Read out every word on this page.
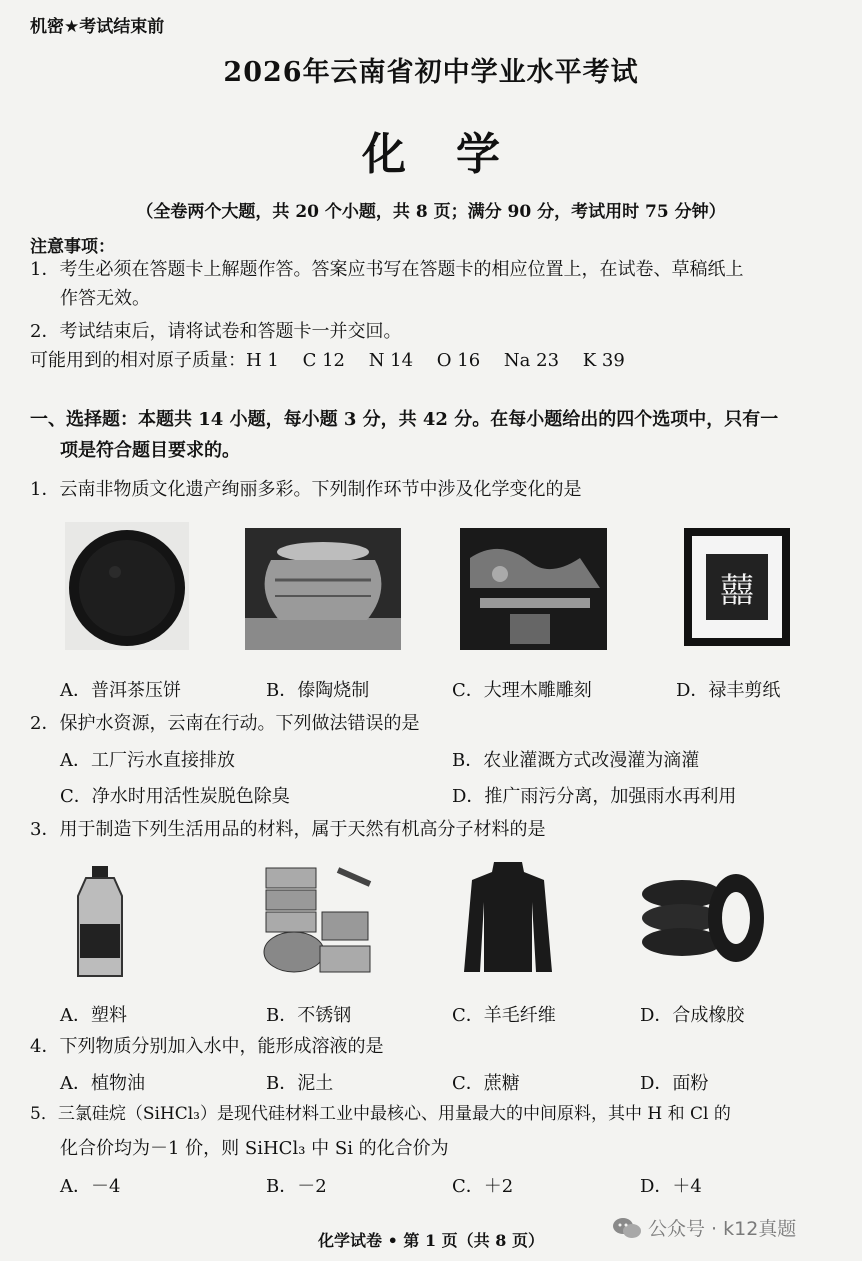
机密★考试结束前
2026年云南省初中学业水平考试
化学
（全卷两个大题，共 20 个小题，共 8 页；满分 90 分，考试用时 75 分钟）
注意事项：
1．考生必须在答题卡上解题作答。答案应书写在答题卡的相应位置上，在试卷、草稿纸上
作答无效。
2．考试结束后，请将试卷和答题卡一并交回。
可能用到的相对原子质量：H 1　 C 12　 N 14　 O 16　 Na 23　 K 39
一、选择题：本题共 14 小题，每小题 3 分，共 42 分。在每小题给出的四个选项中，只有一
项是符合题目要求的。
1．云南非物质文化遗产绚丽多彩。下列制作环节中涉及化学变化的是
囍
A．普洱茶压饼	B．傣陶烧制	C．大理木雕雕刻	D．禄丰剪纸
2．保护水资源，云南在行动。下列做法错误的是
A．工厂污水直接排放	B．农业灌溉方式改漫灌为滴灌
C．净水时用活性炭脱色除臭	D．推广雨污分离，加强雨水再利用
3．用于制造下列生活用品的材料，属于天然有机高分子材料的是
A．塑料	B．不锈钢	C．羊毛纤维	D．合成橡胶
4．下列物质分别加入水中，能形成溶液的是
A．植物油	B．泥土	C．蔗糖	D．面粉
5．三氯硅烷（SiHCl₃）是现代硅材料工业中最核心、用量最大的中间原料，其中 H 和 Cl 的
化合价均为－1 价，则 SiHCl₃ 中 Si 的化合价为
A．－4	B．－2	C．＋2	D．＋4
公众号 · k12真题
化学试卷 • 第 1 页（共 8 页）
